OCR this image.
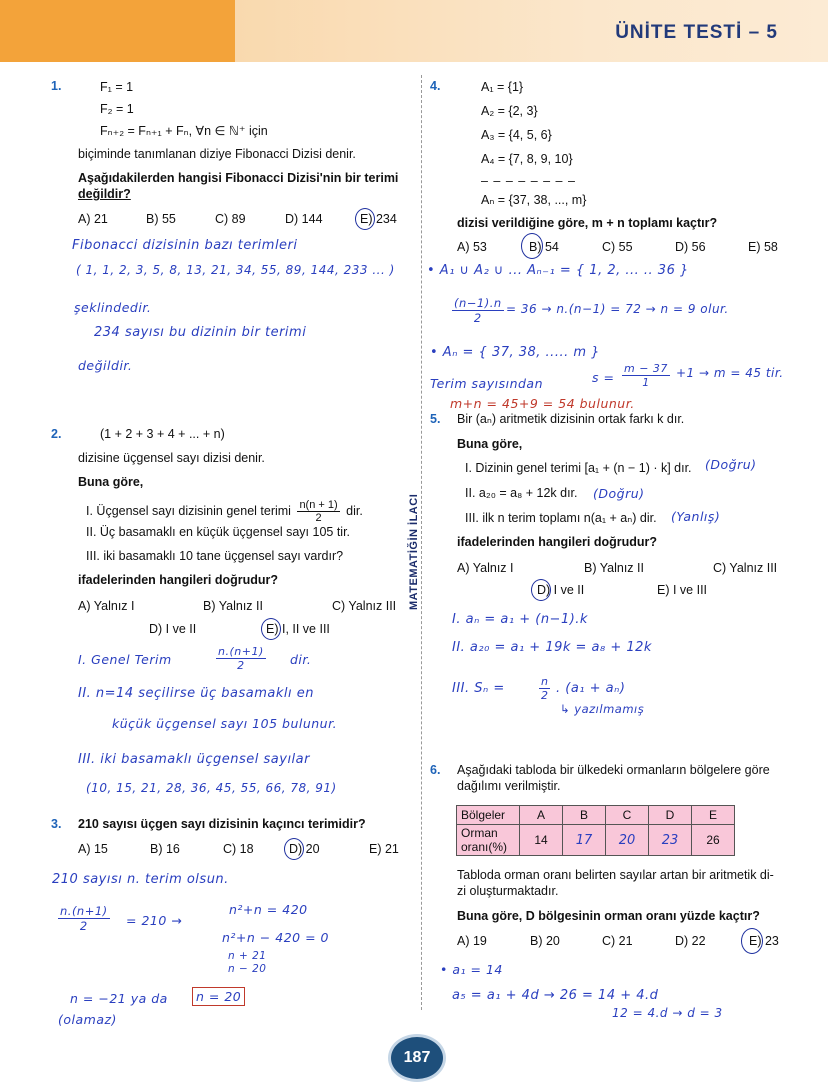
ÜNİTE TESTİ – 5
MATEMATİĞİN İLACI
1.	F₁ = 1
F₂ = 1
Fₙ₊₂ = Fₙ₊₁ + Fₙ, ∀n ∈ ℕ⁺ için
biçiminde tanımlanan diziye Fibonacci Dizisi denir.
Aşağıdakilerden hangisi Fibonacci Dizisi'nin bir terimi
değildir?
A) 21	B) 55	C) 89	D) 144	E) 234
Fibonacci dizisinin bazı terimleri
( 1, 1, 2, 3, 5, 8, 13, 21, 34, 55, 89, 144, 233 ... )
şeklindedir.
234 sayısı bu dizinin bir terimi
değildir.
2.	(1 + 2 + 3 + 4 + ... + n)
dizisine üçgensel sayı dizisi denir.
Buna göre,
I. Üçgensel sayı dizisinin genel terimi $\frac{n(n + 1)}{2}$ dir.
II. Üç basamaklı en küçük üçgensel sayı 105 tir.
III. iki basamaklı 10 tane üçgensel sayı vardır?
ifadelerinden hangileri doğrudur?
A) Yalnız I	B) Yalnız II	C) Yalnız III
D) I ve II	E) I, II ve III
I. Genel Terim
n.(n+1)
2	dir.
II. n=14 seçilirse üç basamaklı en
küçük üçgensel sayı 105 bulunur.
III. iki basamaklı üçgensel sayılar
(10, 15, 21, 28, 36, 45, 55, 66, 78, 91)
3. 210 sayısı üçgen sayı dizisinin kaçıncı terimidir?
A) 15	B) 16	C) 18	D) 20	E) 21
210 sayısı n. terim olsun.
n.(n+1)
2	= 210 →
n²+n = 420
n²+n − 420 = 0
n + 21
n − 20
n = −21 ya da	n = 20
(olamaz)
4.	A₁ = {1}
A₂ = {2, 3}
A₃ = {4, 5, 6}
A₄ = {7, 8, 9, 10}
– – – – – – – –
Aₙ = {37, 38, ..., m}
dizisi verildiğine göre, m + n toplamı kaçtır?
A) 53	B) 54	C) 55	D) 56	E) 58
• A₁ ∪ A₂ ∪ ... Aₙ₋₁ = { 1, 2, ... .. 36 }
(n−1).n
2
= 36 → n.(n−1) = 72 → n = 9 olur.
• Aₙ = { 37, 38, ..... m }
Terim sayısından	s =
m − 37
1
+1 → m = 45 tir.
m+n = 45+9 = 54 bulunur.
5. Bir (aₙ) aritmetik dizisinin ortak farkı k dır.
Buna göre,
I. Dizinin genel terimi [a₁ + (n − 1) · k] dır. (Doğru)
II. a₂₀ = a₈ + 12k dır. (Doğru)
III. ilk n terim toplamı n(a₁ + aₙ) dir. (Yanlış)
ifadelerinden hangileri doğrudur?
A) Yalnız I	B) Yalnız II	C) Yalnız III
D) I ve II	E) I ve III
I. aₙ = a₁ + (n−1).k
II. a₂₀ = a₁ + 19k = a₈ + 12k
III. Sₙ =	n
2 . (a₁ + aₙ)
↳ yazılmamış
6. Aşağıdaki tabloda bir ülkedeki ormanların bölgelere göre
dağılımı verilmiştir.
Bölgeler	A	B	C	D	E
Orman
oranı(%)	14	17	20	23	26
Tabloda orman oranı belirten sayılar artan bir aritmetik di-
zi oluşturmaktadır.
Buna göre, D bölgesinin orman oranı yüzde kaçtır?
A) 19	B) 20	C) 21	D) 22	E) 23
• a₁ = 14
a₅ = a₁ + 4d → 26 = 14 + 4.d
12 = 4.d → d = 3
187
